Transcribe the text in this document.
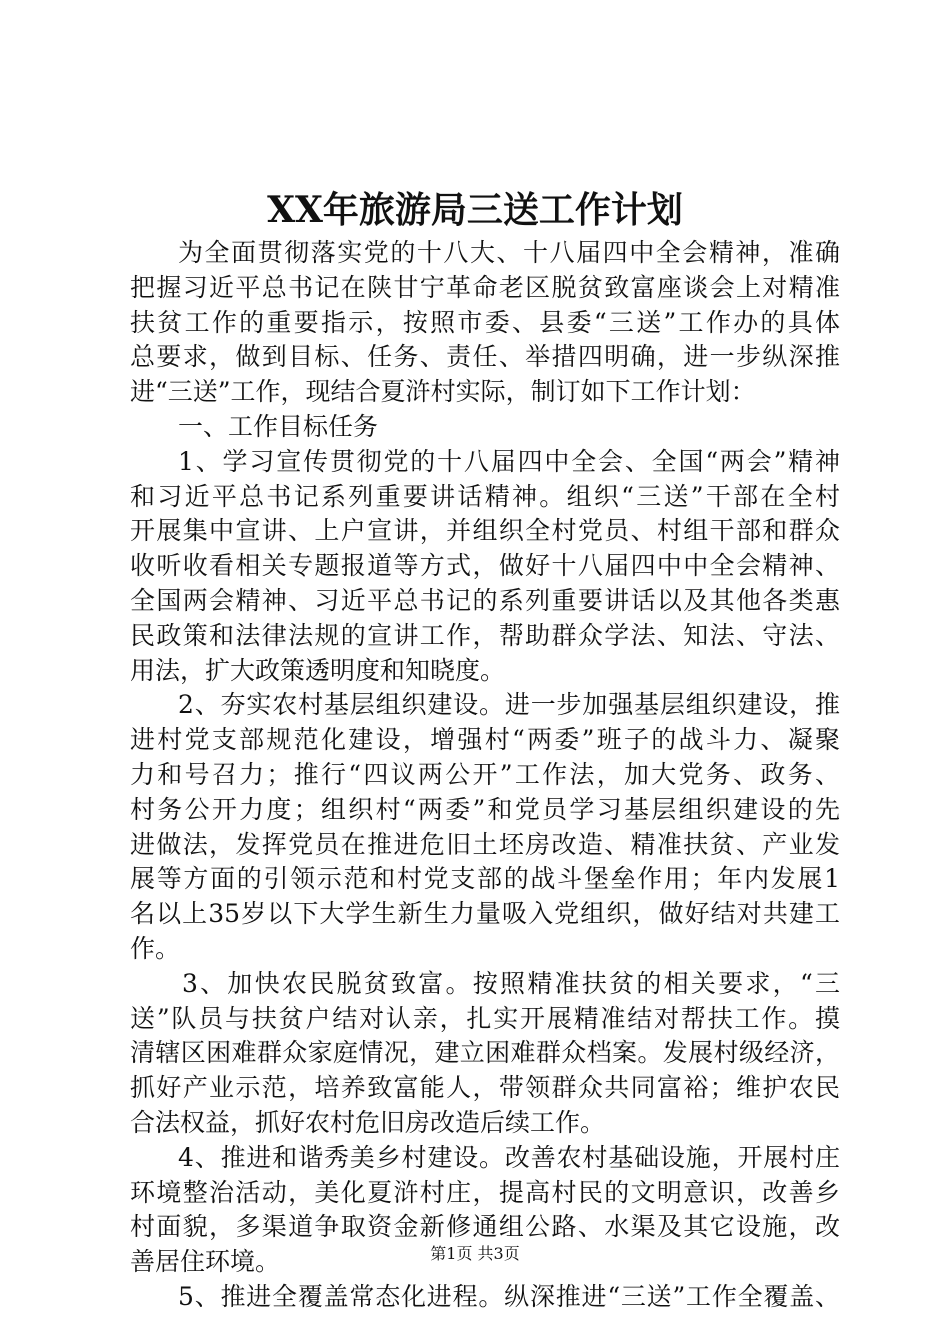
XX年旅游局三送工作计划
为全面贯彻落实党的十八大、十八届四中全会精神，准确
把握习近平总书记在陕甘宁革命老区脱贫致富座谈会上对精准
扶贫工作的重要指示，按照市委、县委“三送”工作办的具体
总要求，做到目标、任务、责任、举措四明确，进一步纵深推
进“三送”工作，现结合夏浒村实际，制订如下工作计划：
一、工作目标任务
1、学习宣传贯彻党的十八届四中全会、全国“两会”精神
和习近平总书记系列重要讲话精神。组织“三送”干部在全村
开展集中宣讲、上户宣讲，并组织全村党员、村组干部和群众
收听收看相关专题报道等方式，做好十八届四中中全会精神、
全国两会精神、习近平总书记的系列重要讲话以及其他各类惠
民政策和法律法规的宣讲工作，帮助群众学法、知法、守法、
用法，扩大政策透明度和知晓度。
2、夯实农村基层组织建设。进一步加强基层组织建设，推
进村党支部规范化建设，增强村“两委”班子的战斗力、凝聚
力和号召力；推行“四议两公开”工作法，加大党务、政务、
村务公开力度；组织村“两委”和党员学习基层组织建设的先
进做法，发挥党员在推进危旧土坯房改造、精准扶贫、产业发
展等方面的引领示范和村党支部的战斗堡垒作用；年内发展1
名以上35岁以下大学生新生力量吸入党组织，做好结对共建工
作。
3、加快农民脱贫致富。按照精准扶贫的相关要求，“三
送”队员与扶贫户结对认亲，扎实开展精准结对帮扶工作。摸
清辖区困难群众家庭情况，建立困难群众档案。发展村级经济，
抓好产业示范，培养致富能人，带领群众共同富裕；维护农民
合法权益，抓好农村危旧房改造后续工作。
4、推进和谐秀美乡村建设。改善农村基础设施，开展村庄
环境整治活动，美化夏浒村庄，提高村民的文明意识，改善乡
村面貌，多渠道争取资金新修通组公路、水渠及其它设施，改
善居住环境。
5、推进全覆盖常态化进程。纵深推进“三送”工作全覆盖、
第1页 共3页
